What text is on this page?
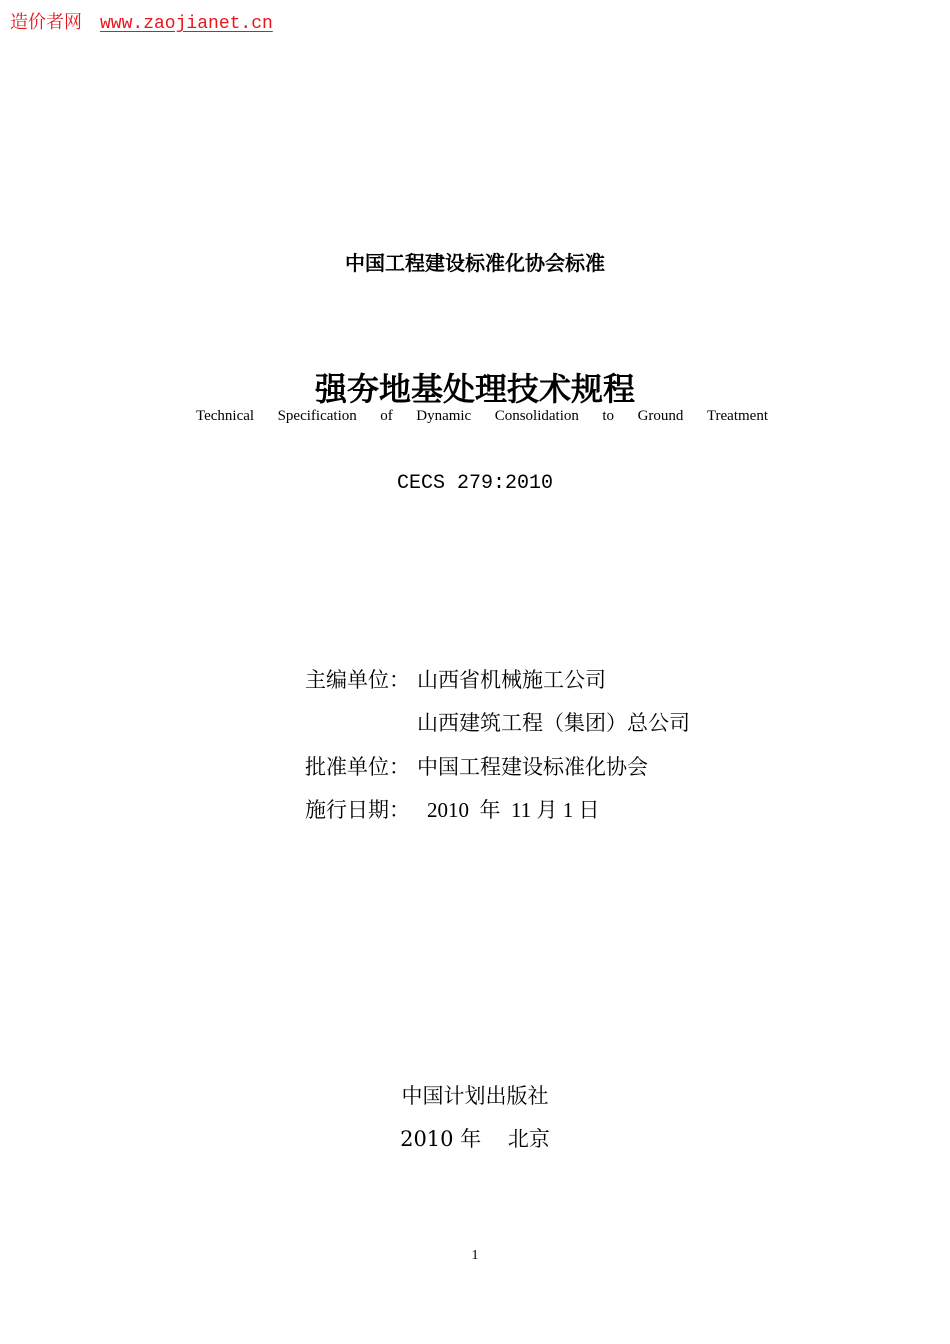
造价者网 www.zaojianet.cn
中国工程建设标准化协会标准
强夯地基处理技术规程
Technical Specification of Dynamic Consolidation to Ground Treatment
CECS 279:2010
主编单位： 山西省机械施工公司
山西建筑工程（集团）总公司
批准单位： 中国工程建设标准化协会
施行日期： 2010  年  11 月 1 日
中国计划出版社
2010 年    北京
1
